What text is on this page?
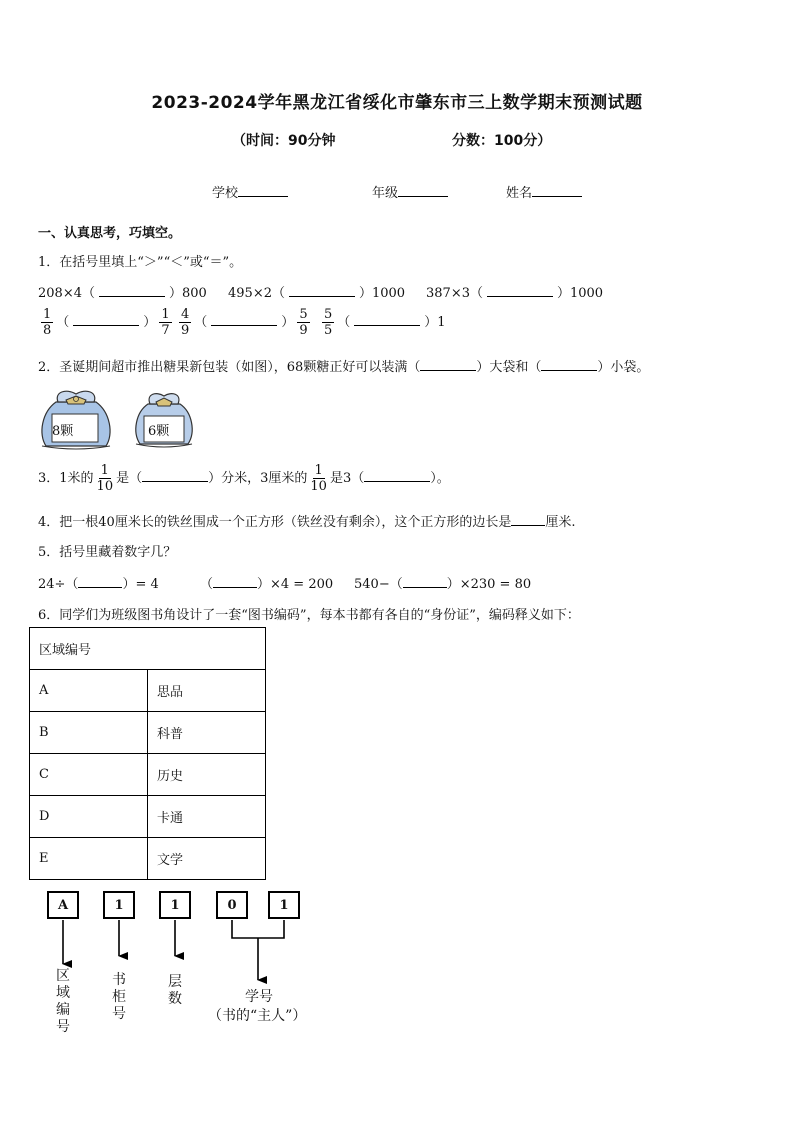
2023-2024学年黑龙江省绥化市肇东市三上数学期末预测试题
（时间：90分钟	分数：100分）
学校	年级	姓名
一、认真思考，巧填空。
1．在括号里填上“＞”“＜”或“＝”。
208×4（	）800 495×2（	）1000 387×3（	）1000
$\frac{1}{8}$ （	） $\frac{1}{7} \frac{4}{9}$ （	） $\frac{5}{9} \frac{5}{5}$ （	）1
2．圣诞期间超市推出糖果新包装（如图），68颗糖正好可以装满（	）大袋和（	）小袋。
8颗	6颗
3．1米的 $\frac{1}{10}$ 是（	）分米，3厘米的 $\frac{1}{10}$ 是3（	）。
4．把一根40厘米长的铁丝围成一个正方形（铁丝没有剩余），这个正方形的边长是	厘米.
5．括号里藏着数字几？
24÷（	）= 4	（	）×4 = 200 540−（	）×230 = 80
6．同学们为班级图书角设计了一套“图书编码”，每本书都有各自的“身份证”，编码释义如下：
区域编号	
A	思品
B	科普
C	历史
D	卡通
E	文学
A	1	1	0	1
区域编号
书柜号
层数	学号
（书的“主人”）
